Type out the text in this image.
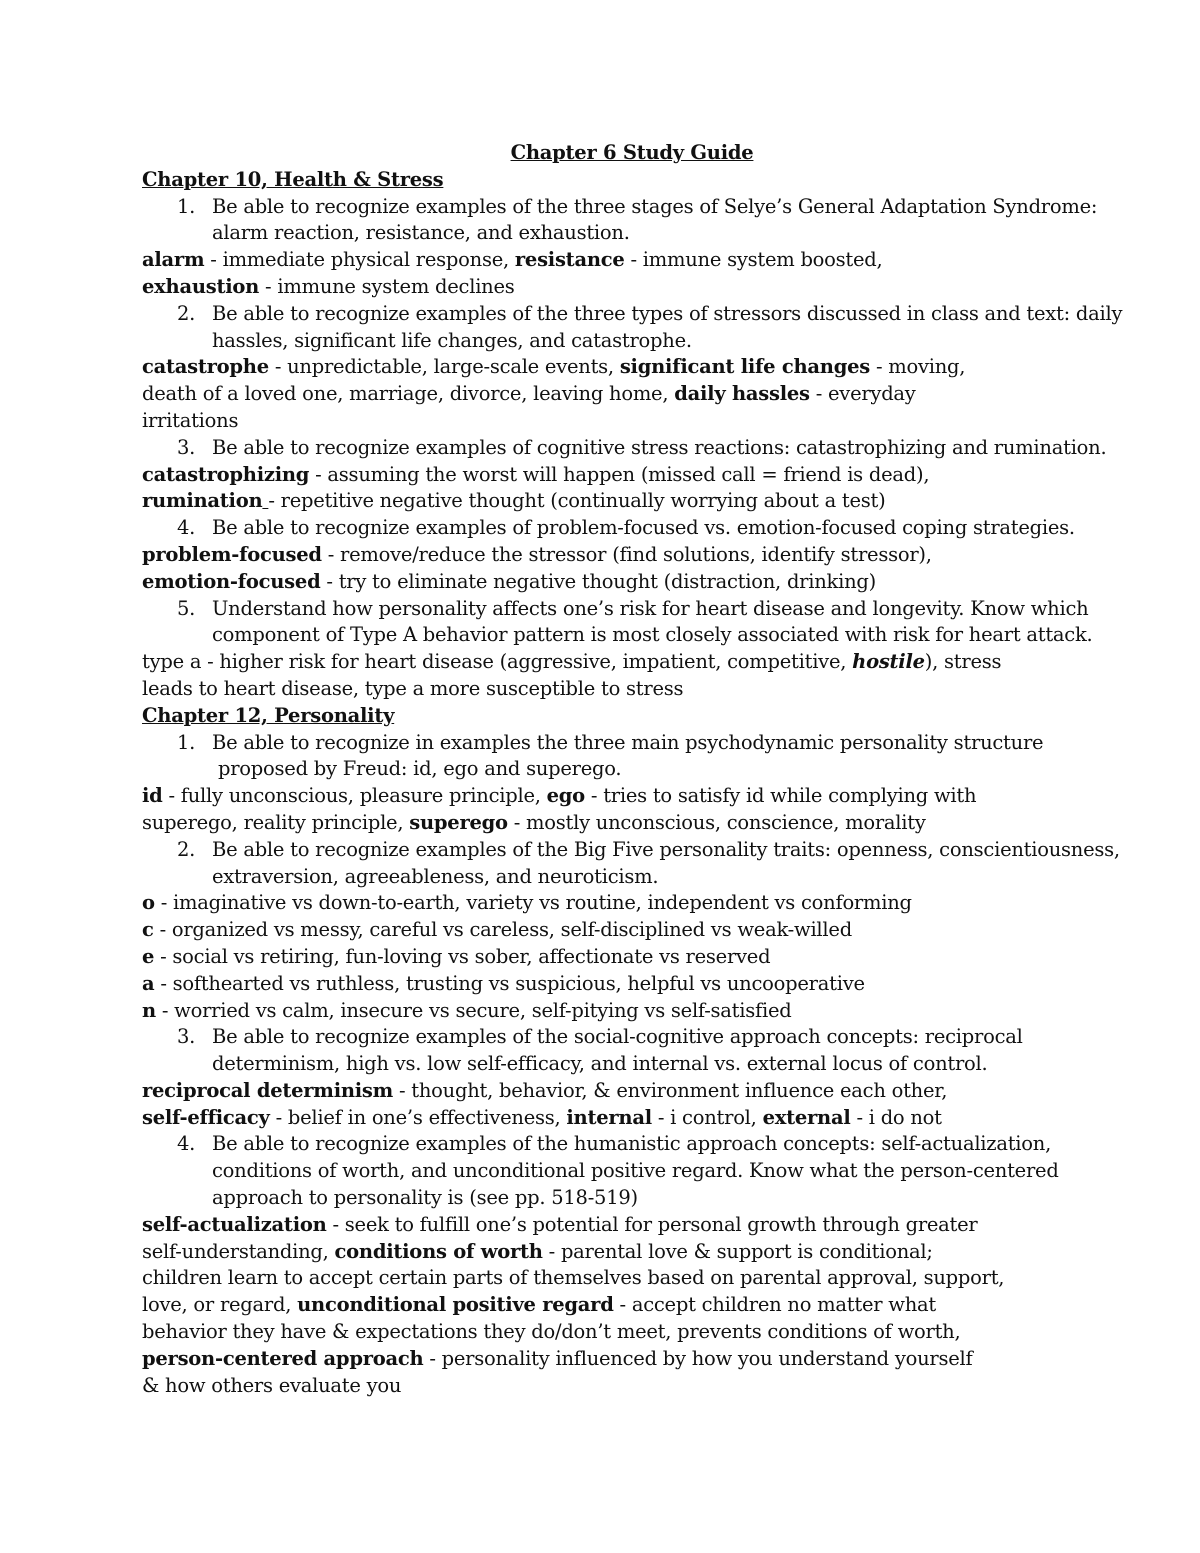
Chapter 6 Study Guide
Chapter 10, Health & Stress
1. Be able to recognize examples of the three stages of Selye’s General Adaptation Syndrome:
alarm reaction, resistance, and exhaustion.
alarm - immediate physical response, resistance - immune system boosted,
exhaustion - immune system declines
2. Be able to recognize examples of the three types of stressors discussed in class and text: daily
hassles, significant life changes, and catastrophe.
catastrophe - unpredictable, large-scale events, significant life changes - moving,
death of a loved one, marriage, divorce, leaving home, daily hassles - everyday
irritations
3. Be able to recognize examples of cognitive stress reactions: catastrophizing and rumination.
catastrophizing - assuming the worst will happen (missed call = friend is dead),
rumination - repetitive negative thought (continually worrying about a test)
4. Be able to recognize examples of problem-focused vs. emotion-focused coping strategies.
problem-focused - remove/reduce the stressor (find solutions, identify stressor),
emotion-focused - try to eliminate negative thought (distraction, drinking)
5. Understand how personality affects one’s risk for heart disease and longevity. Know which
component of Type A behavior pattern is most closely associated with risk for heart attack.
type a - higher risk for heart disease (aggressive, impatient, competitive, hostile), stress
leads to heart disease, type a more susceptible to stress
Chapter 12, Personality
1. Be able to recognize in examples the three main psychodynamic personality structure
proposed by Freud: id, ego and superego.
id - fully unconscious, pleasure principle, ego - tries to satisfy id while complying with
superego, reality principle, superego - mostly unconscious, conscience, morality
2. Be able to recognize examples of the Big Five personality traits: openness, conscientiousness,
extraversion, agreeableness, and neuroticism.
o - imaginative vs down-to-earth, variety vs routine, independent vs conforming
c - organized vs messy, careful vs careless, self-disciplined vs weak-willed
e - social vs retiring, fun-loving vs sober, affectionate vs reserved
a - softhearted vs ruthless, trusting vs suspicious, helpful vs uncooperative
n - worried vs calm, insecure vs secure, self-pitying vs self-satisfied
3. Be able to recognize examples of the social-cognitive approach concepts: reciprocal
determinism, high vs. low self-efficacy, and internal vs. external locus of control.
reciprocal determinism - thought, behavior, & environment influence each other,
self-efficacy - belief in one’s effectiveness, internal - i control, external - i do not
4. Be able to recognize examples of the humanistic approach concepts: self-actualization,
conditions of worth, and unconditional positive regard. Know what the person-centered
approach to personality is (see pp. 518-519)
self-actualization - seek to fulfill one’s potential for personal growth through greater
self-understanding, conditions of worth - parental love & support is conditional;
children learn to accept certain parts of themselves based on parental approval, support,
love, or regard, unconditional positive regard - accept children no matter what
behavior they have & expectations they do/don’t meet, prevents conditions of worth,
person-centered approach - personality influenced by how you understand yourself
& how others evaluate you
